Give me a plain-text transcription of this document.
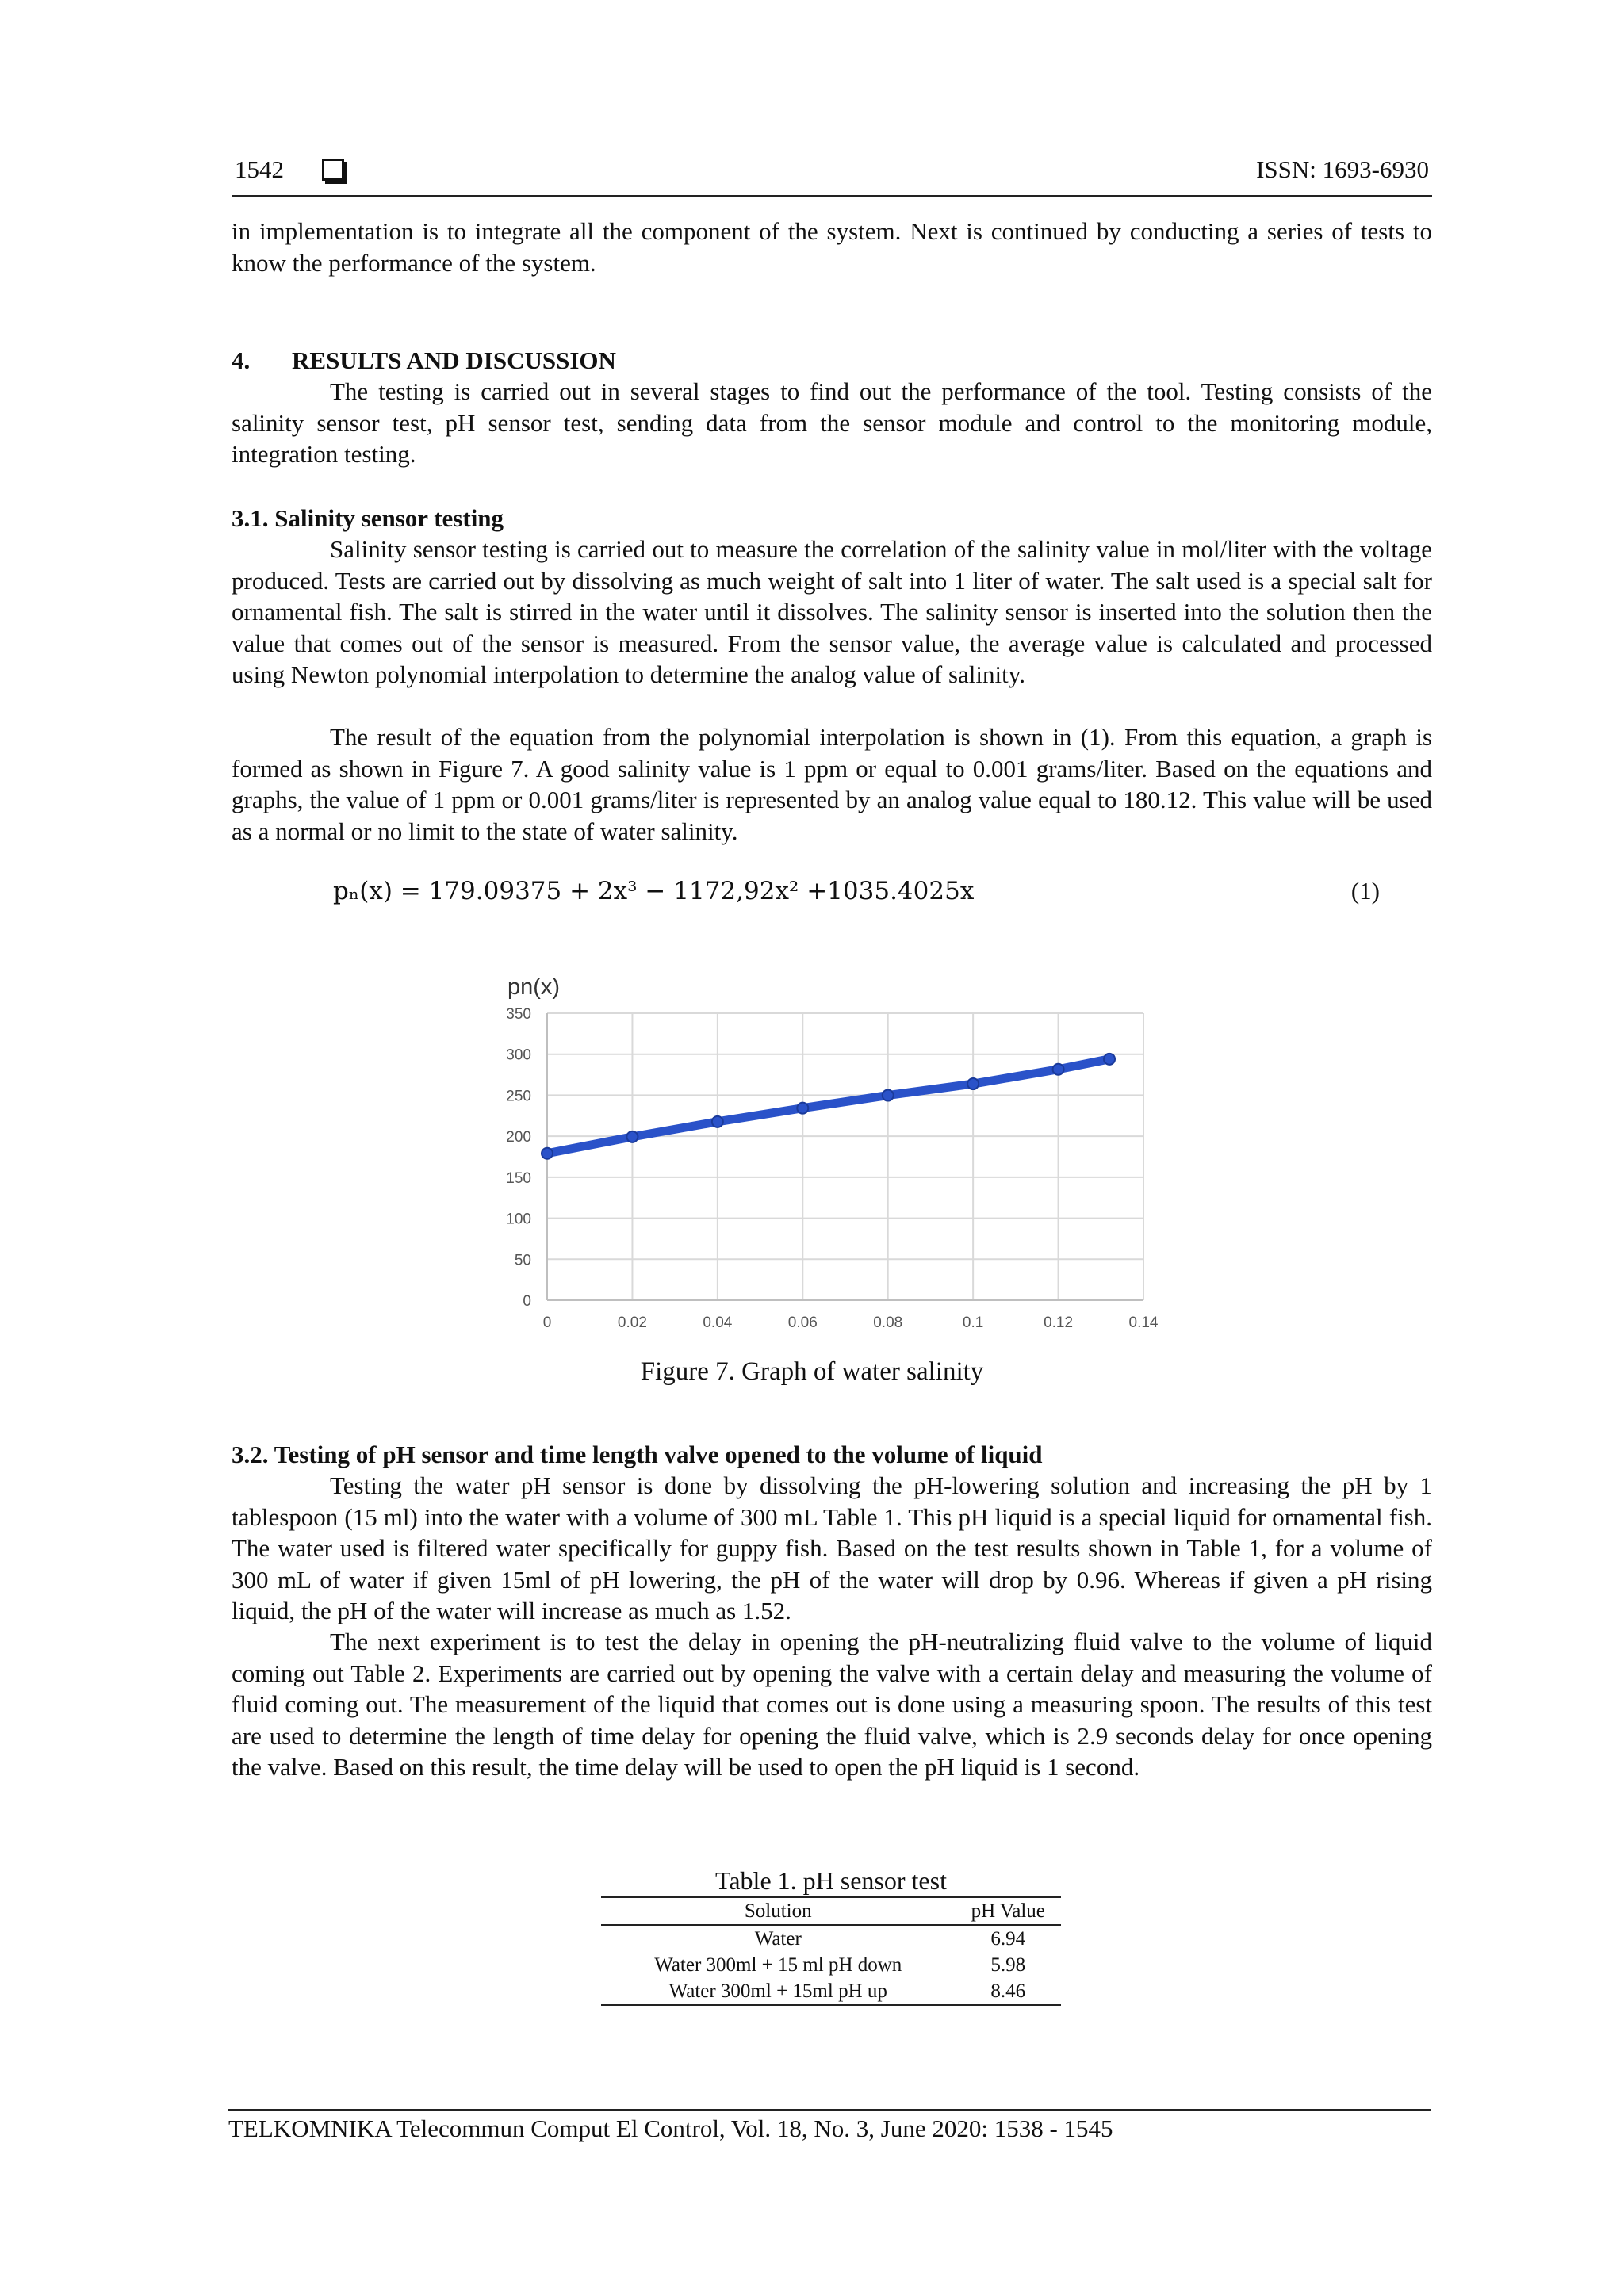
1542	ISSN: 1693-6930

in implementation is to integrate all the component of the system. Next is continued by conducting a series of tests to know the performance of the system.

4. RESULTS AND DISCUSSION

The testing is carried out in several stages to find out the performance of the tool. Testing consists of the salinity sensor test, pH sensor test, sending data from the sensor module and control to the monitoring module, integration testing.

3.1. Salinity sensor testing

Salinity sensor testing is carried out to measure the correlation of the salinity value in mol/liter with the voltage produced. Tests are carried out by dissolving as much weight of salt into 1 liter of water. The salt used is a special salt for ornamental fish. The salt is stirred in the water until it dissolves. The salinity sensor is inserted into the solution then the value that comes out of the sensor is measured. From the sensor value, the average value is calculated and processed using Newton polynomial interpolation to determine the analog value of salinity.

The result of the equation from the polynomial interpolation is shown in (1). From this equation, a graph is formed as shown in Figure 7. A good salinity value is 1 ppm or equal to 0.001 grams/liter. Based on the equations and graphs, the value of 1 ppm or 0.001 grams/liter is represented by an analog value equal to 180.12. This value will be used as a normal or no limit to the state of water salinity.

pₙ(x) = 179.09375 + 2x³ − 1172,92x² +1035.4025x	(1)
0	0.02	0.04	0.06	0.08	0.1	0.12	0.14
0
50
100
150
200
250
300
350
pn(x)
Figure 7. Graph of water salinity

3.2. Testing of pH sensor and time length valve opened to the volume of liquid

Testing the water pH sensor is done by dissolving the pH-lowering solution and increasing the pH by 1 tablespoon (15 ml) into the water with a volume of 300 mL Table 1. This pH liquid is a special liquid for ornamental fish. The water used is filtered water specifically for guppy fish. Based on the test results shown in Table 1, for a volume of 300 mL of water if given 15ml of pH lowering, the pH of the water will drop by 0.96. Whereas if given a pH rising liquid, the pH of the water will increase as much as 1.52.

The next experiment is to test the delay in opening the pH-neutralizing fluid valve to the volume of liquid coming out Table 2. Experiments are carried out by opening the valve with a certain delay and measuring the volume of fluid coming out. The measurement of the liquid that comes out is done using a measuring spoon. The results of this test are used to determine the length of time delay for opening the fluid valve, which is 2.9 seconds delay for once opening the valve. Based on this result, the time delay will be used to open the pH liquid is 1 second.

Table 1. pH sensor test
Solution	pH Value
Water	6.94
Water 300ml + 15 ml pH down	5.98
Water 300ml + 15ml pH up	8.46
TELKOMNIKA Telecommun Comput El Control, Vol. 18, No. 3, June 2020: 1538 - 1545
